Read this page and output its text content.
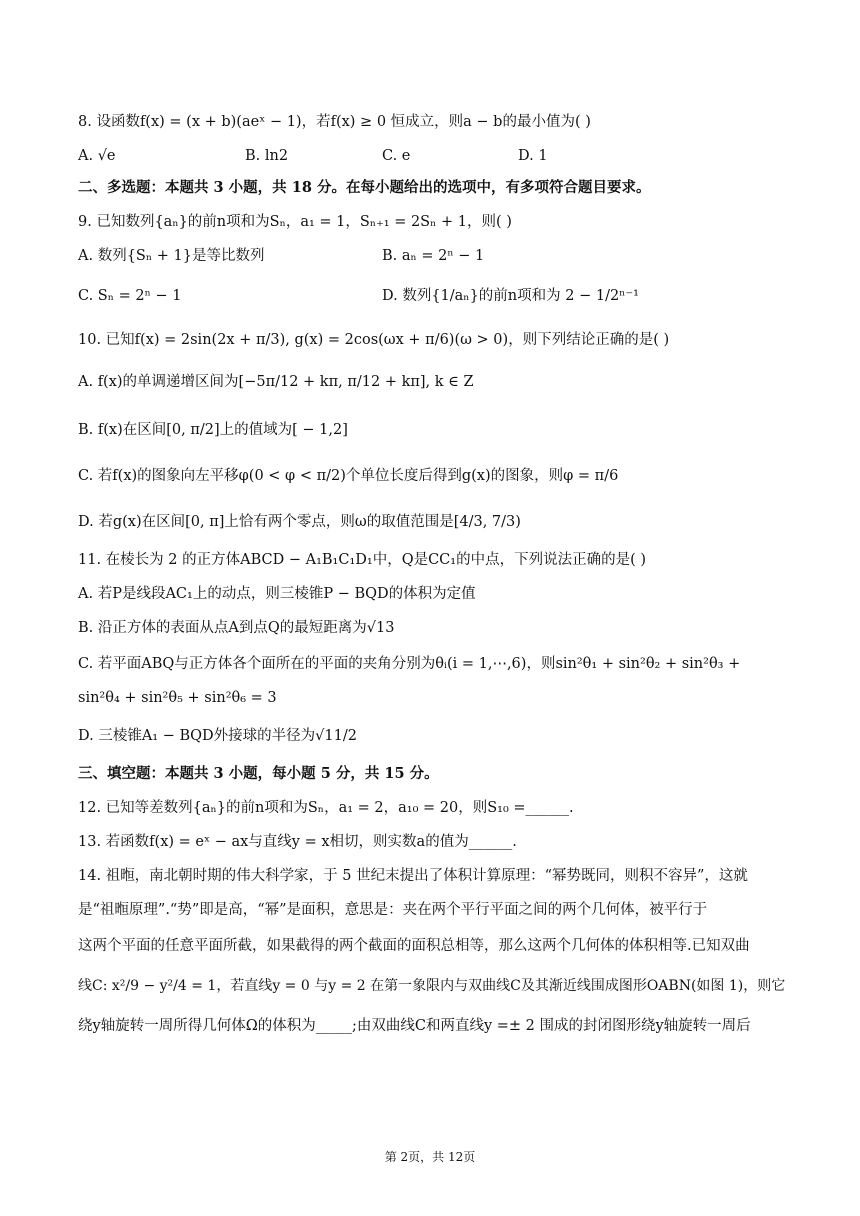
8. 设函数f(x) = (x + b)(aeˣ − 1)，若f(x) ≥ 0 恒成立，则a − b的最小值为( )
A. √e	B. ln2	C. e	D. 1
二、多选题：本题共 3 小题，共 18 分。在每小题给出的选项中，有多项符合题目要求。
9. 已知数列{aₙ}的前n项和为Sₙ，a₁ = 1，Sₙ₊₁ = 2Sₙ + 1，则( )
A. 数列{Sₙ + 1}是等比数列	B. aₙ = 2ⁿ − 1
C. Sₙ = 2ⁿ − 1	D. 数列{1/aₙ}的前n项和为 2 − 1/2ⁿ⁻¹
10. 已知f(x) = 2sin(2x + π/3), g(x) = 2cos(ωx + π/6)(ω > 0)，则下列结论正确的是( )
A. f(x)的单调递增区间为[−5π/12 + kπ, π/12 + kπ], k ∈ Z
B. f(x)在区间[0, π/2]上的值域为[ − 1,2]
C. 若f(x)的图象向左平移φ(0 < φ < π/2)个单位长度后得到g(x)的图象，则φ = π/6
D. 若g(x)在区间[0, π]上恰有两个零点，则ω的取值范围是[4/3, 7/3)
11. 在棱长为 2 的正方体ABCD − A₁B₁C₁D₁中，Q是CC₁的中点，下列说法正确的是( )
A. 若P是线段AC₁上的动点，则三棱锥P − BQD的体积为定值
B. 沿正方体的表面从点A到点Q的最短距离为√13
C. 若平面ABQ与正方体各个面所在的平面的夹角分别为θᵢ(i = 1,⋯,6)，则sin²θ₁ + sin²θ₂ + sin²θ₃ +
sin²θ₄ + sin²θ₅ + sin²θ₆ = 3
D. 三棱锥A₁ − BQD外接球的半径为√11/2
三、填空题：本题共 3 小题，每小题 5 分，共 15 分。
12. 已知等差数列{aₙ}的前n项和为Sₙ，a₁ = 2，a₁₀ = 20，则S₁₀ =______.
13. 若函数f(x) = eˣ − ax与直线y = x相切，则实数a的值为______.
14. 祖暅，南北朝时期的伟大科学家，于 5 世纪末提出了体积计算原理：“幂势既同，则积不容异”，这就
是“祖暅原理”.“势”即是高，“幂”是面积，意思是：夹在两个平行平面之间的两个几何体，被平行于
这两个平面的任意平面所截，如果截得的两个截面的面积总相等，那么这两个几何体的体积相等.已知双曲
线C: x²/9 − y²/4 = 1，若直线y = 0 与y = 2 在第一象限内与双曲线C及其渐近线围成图形OABN(如图 1)，则它
绕y轴旋转一周所得几何体Ω的体积为_____;由双曲线C和两直线y =± 2 围成的封闭图形绕y轴旋转一周后
第 2页，共 12页
